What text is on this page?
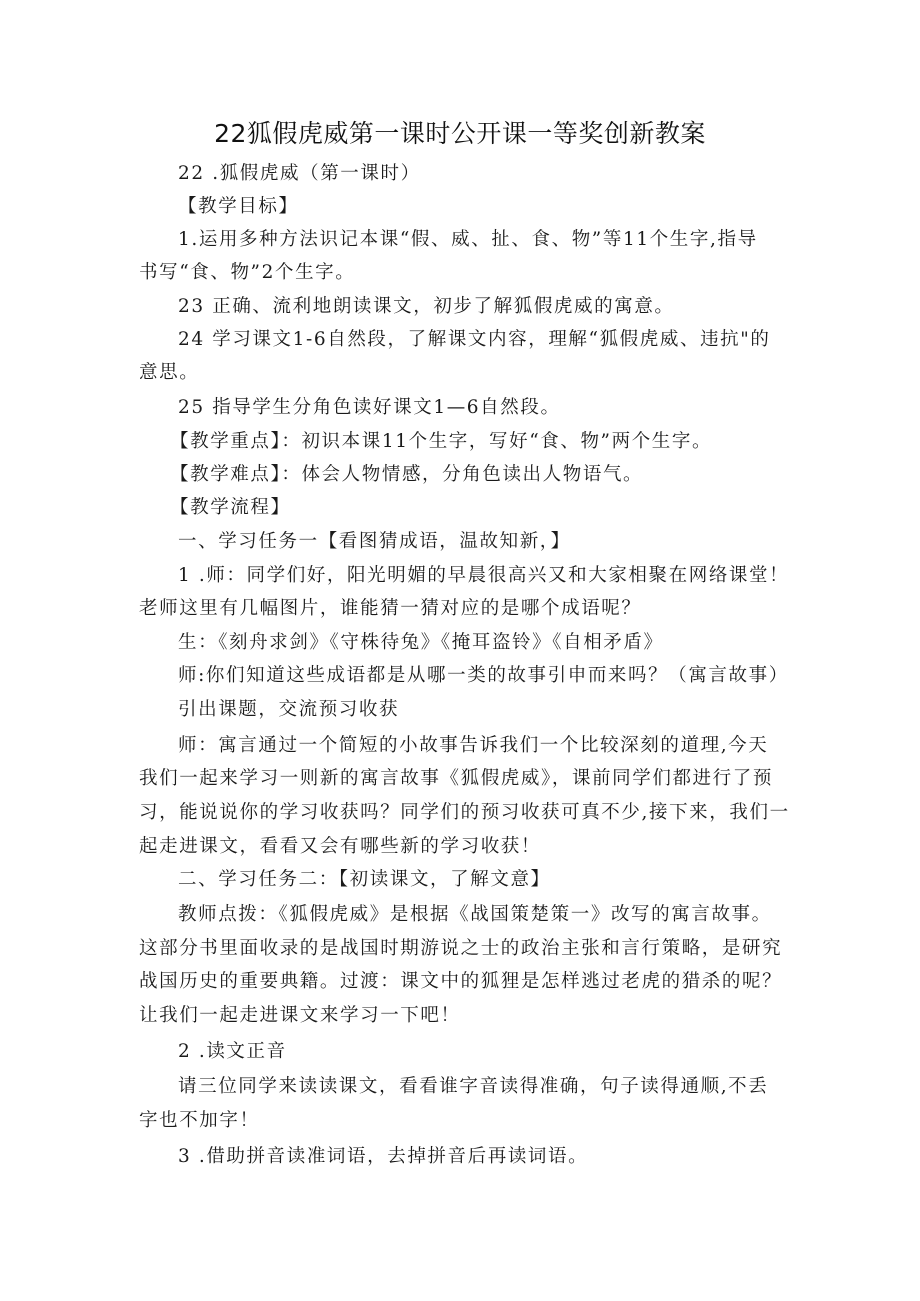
22狐假虎威第一课时公开课一等奖创新教案
22 .狐假虎威（第一课时）
【教学目标】
1.运用多种方法识记本课“假、威、扯、食、物”等11个生字,指导
书写“食、物”2个生字。
23 正确、流利地朗读课文，初步了解狐假虎威的寓意。
24 学习课文1-6自然段，了解课文内容，理解“狐假虎威、违抗"的
意思。
25 指导学生分角色读好课文1—6自然段。
【教学重点】：初识本课11个生字，写好“食、物”两个生字。
【教学难点】：体会人物情感，分角色读出人物语气。
【教学流程】
一、学习任务一【看图猜成语，温故知新，】
1 .师：同学们好，阳光明媚的早晨很高兴又和大家相聚在网络课堂！
老师这里有几幅图片，谁能猜一猜对应的是哪个成语呢？
生：《刻舟求剑》《守株待兔》《掩耳盗铃》《自相矛盾》
师:你们知道这些成语都是从哪一类的故事引申而来吗？（寓言故事）
引出课题，交流预习收获
师：寓言通过一个简短的小故事告诉我们一个比较深刻的道理,今天
我们一起来学习一则新的寓言故事《狐假虎威》，课前同学们都进行了预
习，能说说你的学习收获吗？同学们的预习收获可真不少,接下来，我们一
起走进课文，看看又会有哪些新的学习收获！
二、学习任务二：【初读课文，了解文意】
教师点拨：《狐假虎威》是根据《战国策楚策一》改写的寓言故事。
这部分书里面收录的是战国时期游说之士的政治主张和言行策略，是研究
战国历史的重要典籍。过渡：课文中的狐狸是怎样逃过老虎的猎杀的呢？
让我们一起走进课文来学习一下吧！
2 .读文正音
请三位同学来读读课文，看看谁字音读得准确，句子读得通顺,不丢
字也不加字！
3 .借助拼音读准词语，去掉拼音后再读词语。
